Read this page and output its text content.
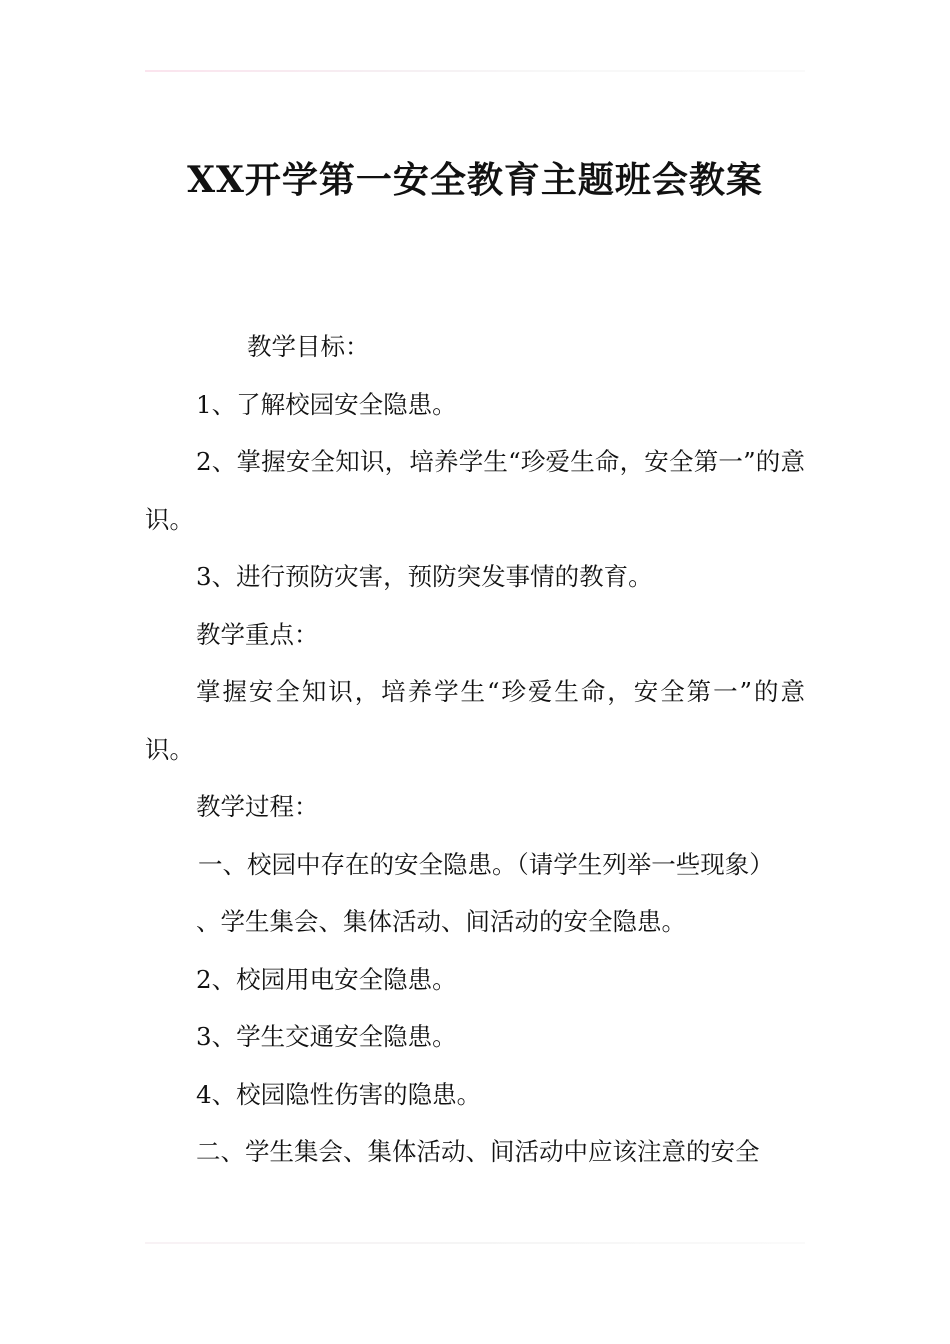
XX开学第一安全教育主题班会教案

教学目标：

1、了解校园安全隐患。

2、掌握安全知识，培养学生“珍爱生命，安全第一”的意识。

3、进行预防灾害，预防突发事情的教育。

教学重点：

掌握安全知识，培养学生“珍爱生命，安全第一”的意识。

教学过程：

一、校园中存在的安全隐患。（请学生列举一些现象）

、学生集会、集体活动、间活动的安全隐患。

2、校园用电安全隐患。

3、学生交通安全隐患。

4、校园隐性伤害的隐患。

二、学生集会、集体活动、间活动中应该注意的安全
